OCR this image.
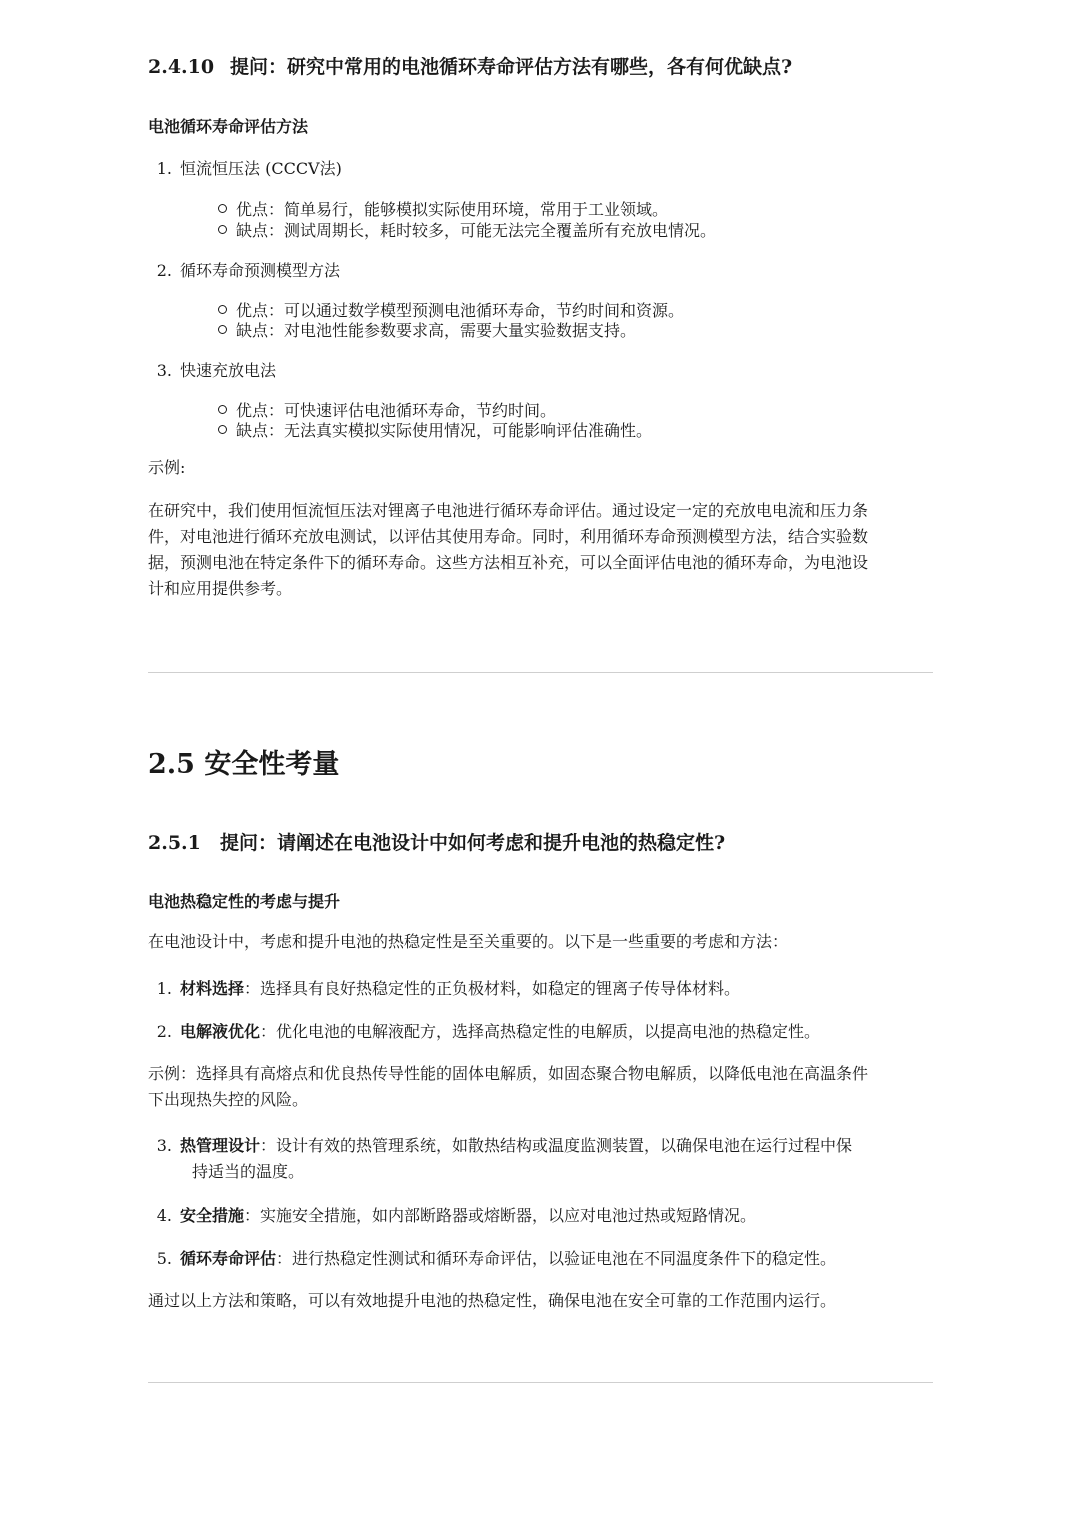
2.4.10 提问：研究中常用的电池循环寿命评估方法有哪些，各有何优缺点?
电池循环寿命评估方法
1. 恒流恒压法 (CCCV法)
优点：简单易行，能够模拟实际使用环境，常用于工业领域。
缺点：测试周期长，耗时较多，可能无法完全覆盖所有充放电情况。
2. 循环寿命预测模型方法
优点：可以通过数学模型预测电池循环寿命，节约时间和资源。
缺点：对电池性能参数要求高，需要大量实验数据支持。
3. 快速充放电法
优点：可快速评估电池循环寿命，节约时间。
缺点：无法真实模拟实际使用情况，可能影响评估准确性。
示例:
在研究中，我们使用恒流恒压法对锂离子电池进行循环寿命评估。通过设定一定的充放电电流和压力条
件，对电池进行循环充放电测试，以评估其使用寿命。同时，利用循环寿命预测模型方法，结合实验数
据，预测电池在特定条件下的循环寿命。这些方法相互补充，可以全面评估电池的循环寿命，为电池设
计和应用提供参考。
2.5 安全性考量
2.5.1 提问：请阐述在电池设计中如何考虑和提升电池的热稳定性?
电池热稳定性的考虑与提升
在电池设计中，考虑和提升电池的热稳定性是至关重要的。以下是一些重要的考虑和方法：
1. 材料选择：选择具有良好热稳定性的正负极材料，如稳定的锂离子传导体材料。
2. 电解液优化：优化电池的电解液配方，选择高热稳定性的电解质，以提高电池的热稳定性。
示例：选择具有高熔点和优良热传导性能的固体电解质，如固态聚合物电解质，以降低电池在高温条件
下出现热失控的风险。
3. 热管理设计：设计有效的热管理系统，如散热结构或温度监测装置，以确保电池在运行过程中保
持适当的温度。
4. 安全措施：实施安全措施，如内部断路器或熔断器，以应对电池过热或短路情况。
5. 循环寿命评估：进行热稳定性测试和循环寿命评估，以验证电池在不同温度条件下的稳定性。
通过以上方法和策略，可以有效地提升电池的热稳定性，确保电池在安全可靠的工作范围内运行。
